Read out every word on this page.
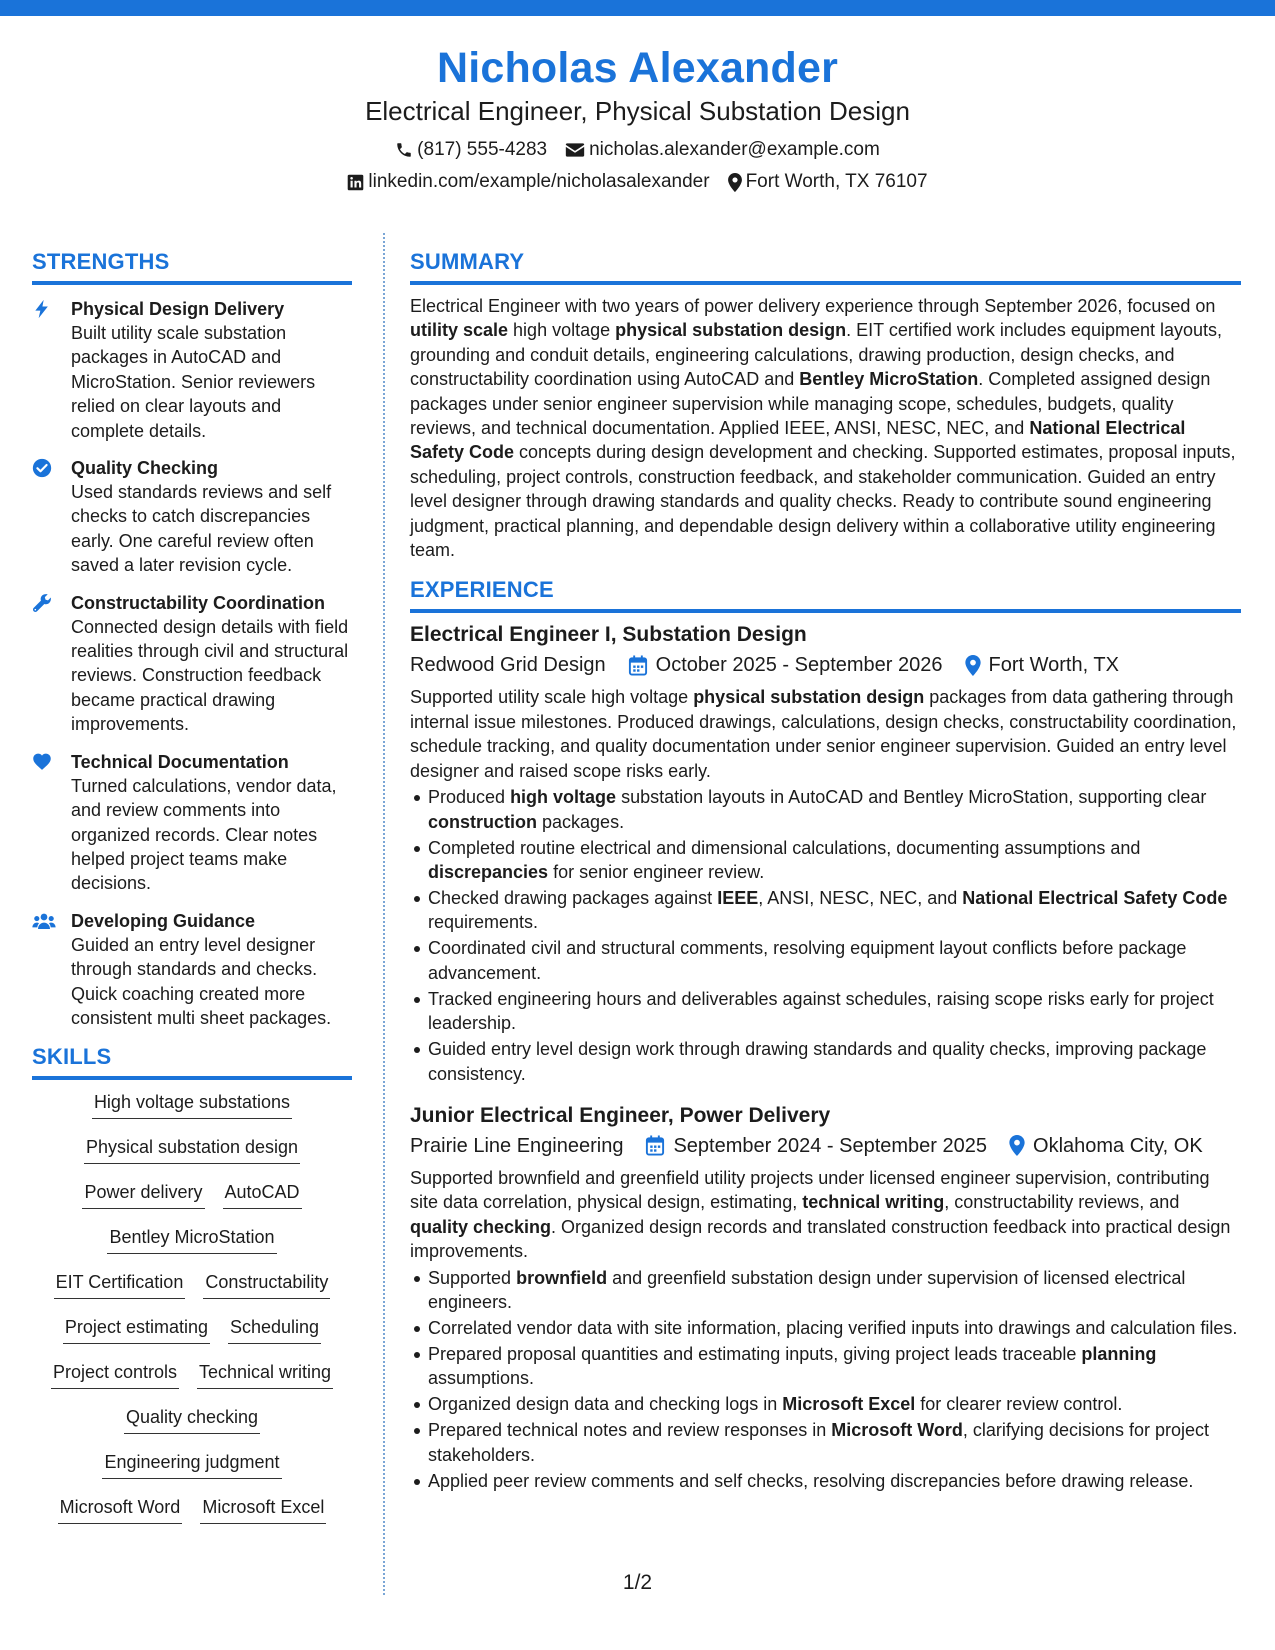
Nicholas Alexander
Electrical Engineer, Physical Substation Design
(817) 555-4283 nicholas.alexander@example.com
linkedin.com/example/nicholasalexander Fort Worth, TX 76107
STRENGTHS
Physical Design Delivery
Built utility scale substation packages in AutoCAD and MicroStation. Senior reviewers relied on clear layouts and complete details.
Quality Checking
Used standards reviews and self checks to catch discrepancies early. One careful review often saved a later revision cycle.
Constructability Coordination
Connected design details with field realities through civil and structural reviews. Construction feedback became practical drawing improvements.
Technical Documentation
Turned calculations, vendor data, and review comments into organized records. Clear notes helped project teams make decisions.
Developing Guidance
Guided an entry level designer through standards and checks. Quick coaching created more consistent multi sheet packages.
SKILLS
High voltage substations
Physical substation design
Power delivery AutoCAD
Bentley MicroStation
EIT Certification Constructability
Project estimating Scheduling
Project controls Technical writing
Quality checking
Engineering judgment
Microsoft Word Microsoft Excel
SUMMARY
Electrical Engineer with two years of power delivery experience through September 2026, focused on utility scale high voltage physical substation design. EIT certified work includes equipment layouts, grounding and conduit details, engineering calculations, drawing production, design checks, and constructability coordination using AutoCAD and Bentley MicroStation. Completed assigned design packages under senior engineer supervision while managing scope, schedules, budgets, quality reviews, and technical documentation. Applied IEEE, ANSI, NESC, NEC, and National Electrical Safety Code concepts during design development and checking. Supported estimates, proposal inputs, scheduling, project controls, construction feedback, and stakeholder communication. Guided an entry level designer through drawing standards and quality checks. Ready to contribute sound engineering judgment, practical planning, and dependable design delivery within a collaborative utility engineering team.
EXPERIENCE
Electrical Engineer I, Substation Design
Redwood Grid Design	October 2025 - September 2026 Fort Worth, TX
Supported utility scale high voltage physical substation design packages from data gathering through internal issue milestones. Produced drawings, calculations, design checks, constructability coordination, schedule tracking, and quality documentation under senior engineer supervision. Guided an entry level designer and raised scope risks early.
Produced high voltage substation layouts in AutoCAD and Bentley MicroStation, supporting clear construction packages.
Completed routine electrical and dimensional calculations, documenting assumptions and discrepancies for senior engineer review.
Checked drawing packages against IEEE, ANSI, NESC, NEC, and National Electrical Safety Code requirements.
Coordinated civil and structural comments, resolving equipment layout conflicts before package advancement.
Tracked engineering hours and deliverables against schedules, raising scope risks early for project leadership.
Guided entry level design work through drawing standards and quality checks, improving package consistency.
Junior Electrical Engineer, Power Delivery
Prairie Line Engineering	September 2024 - September 2025 Oklahoma City, OK
Supported brownfield and greenfield utility projects under licensed engineer supervision, contributing site data correlation, physical design, estimating, technical writing, constructability reviews, and quality checking. Organized design records and translated construction feedback into practical design improvements.
Supported brownfield and greenfield substation design under supervision of licensed electrical engineers.
Correlated vendor data with site information, placing verified inputs into drawings and calculation files.
Prepared proposal quantities and estimating inputs, giving project leads traceable planning assumptions.
Organized design data and checking logs in Microsoft Excel for clearer review control.
Prepared technical notes and review responses in Microsoft Word, clarifying decisions for project stakeholders.
Applied peer review comments and self checks, resolving discrepancies before drawing release.
1/2
